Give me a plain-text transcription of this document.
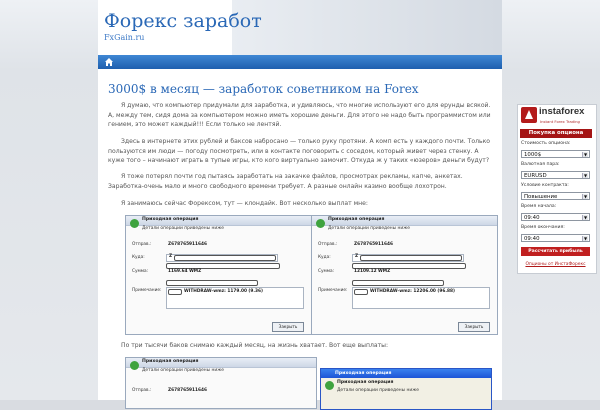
Форекс заработ
FxGain.ru
3000$ в месяц — заработок советником на Forex

Я думаю, что компьютер придумали для заработка, и удивляюсь, что многие используют его для ерунды всякой. А, между тем, сидя дома за компьютером можно иметь хорошие деньги. Для этого не надо быть программистом или гением, это может каждый!!! Если только не лентяй.

Здесь в интернете этих рублей и баксов набросано — только руку протяни. А комп есть у каждого почти. Только пользуются им люди — погоду посмотреть, или в контакте поговорить с соседом, который живет через стенку. А куже того – начинают играть в тупые игры, кто кого виртуально замочит. Откуда ж у таких «юзеров» деньги будут?

Я тоже потерял почти год пытаясь заработать на закачке файлов, просмотрах рекламы, капче, анкетах. Заработка-очень мало и много свободного времени требует. А разные онлайн казино вообще лохотрон.

Я занимаюсь сейчас Форексом, тут — клондайк. Вот несколько выплат мне:

Приходная операция
Детали операции приведены ниже
Отправ.:	Z678765911646
Куда:	Z
Сумма:	1169.64 WMZ
Примечание:	WITHDRAW-wmz: 1179.00 (9.36)
Закрыть
Приходная операция
Детали операции приведены ниже
Отправ.:	Z678765911646
Куда:	Z
Сумма:	12109.12 WMZ
Примечание:	WITHDRAW-wmz: 12206.00 (96.88)
Закрыть

По три тысячи баков снимаю каждый месяц, на жизнь хватает. Вот еще выплаты:

Приходная операция
Детали операции приведены ниже
Отправ.:	Z678765911646
Приходная операция
Приходная операция
Детали операции приведены ниже
instaforex
Instant Forex Trading
Покупка опциона
Стоимость опциона:
1000$	▼
Валютная пара:
EURUSD	▼
Условие контракта:
Повышение	▼
Время начала:
09:40	▼
Время окончания:
09:40	▼
Рассчитать прибыль
Опционы от ИнстаФорекс
